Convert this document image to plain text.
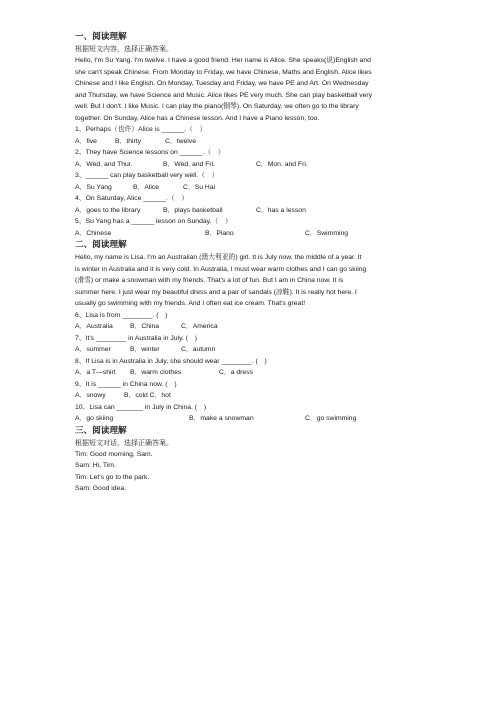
一、阅读理解
根据短文内容，选择正确答案。
Hello, I'm Su Yang. I'm twelve. I have a good friend. Her name is Alice. She speaks(说)English and
she can't speak Chinese. From Monday to Friday, we have Chinese, Maths and English. Alice likes
Chinese and I like English. On Monday, Tuesday and Friday, we have PE and Art. On Wednesday
and Thursday, we have Science and Music. Alice likes PE very much. She can play basketball very
well. But I don't. I like Music. I can play the piano(钢琴). On Saturday, we often go to the library
together. On Sunday, Alice has a Chinese lesson. And I have a Piano lesson, too.
1、Perhaps（也许）Alice is ______.（　）
A．five	B．thirty	C．twelve
2、They have Science lessons on ______.（　）
A．Wed. and Thur.	B．Wed. and Fri.	C．Mon. and Fri.
3、______ can play basketball very well.（　）
A．Su Yang	B．Alice	C．Su Hai
4、On Saturday, Alice ______.（　）
A．goes to the library	B．plays basketball	C．has a lesson
5、Su Yang has a ______ lesson on Sunday.（　）
A．Chinese	B．Piano	C．Swimming
二、阅读理解
Hello, my name is Lisa. I'm an Australian (澳大利亚的) girl. It is July now, the middle of a year. It
is winter in Australia and it is very cold. In Australia, I must wear warm clothes and I can go skiing
(滑雪) or make a snowman with my friends. That's a lot of fun. But I am in China now. It is
summer here. I just wear my beautiful dress and a pair of sandals (凉鞋). It is really hot here. I
usually go swimming with my friends. And I often eat ice cream. That's great!
6、Lisa is from ________. (　)
A．Australia	B．China	C．America
7、It's ________ in Australia in July. (　)
A．summer	B．winter	C．autumn
8、If Lisa is in Australia in July, she should wear ________. (　)
A．a T—shirt B．warm clothes	C．a dress
9、It is ______ in China now. (　)
A．snowy	B．cold C．hot
10、Lisa can _______ in July in China. (　)
A．go skiing	B．make a snowman	C．go swimming
三、阅读理解
根据短文对话，选择正确答案。
Tim: Good morning, Sam.
Sam: Hi, Tim.
Tim: Let's go to the park.
Sam: Good idea.
